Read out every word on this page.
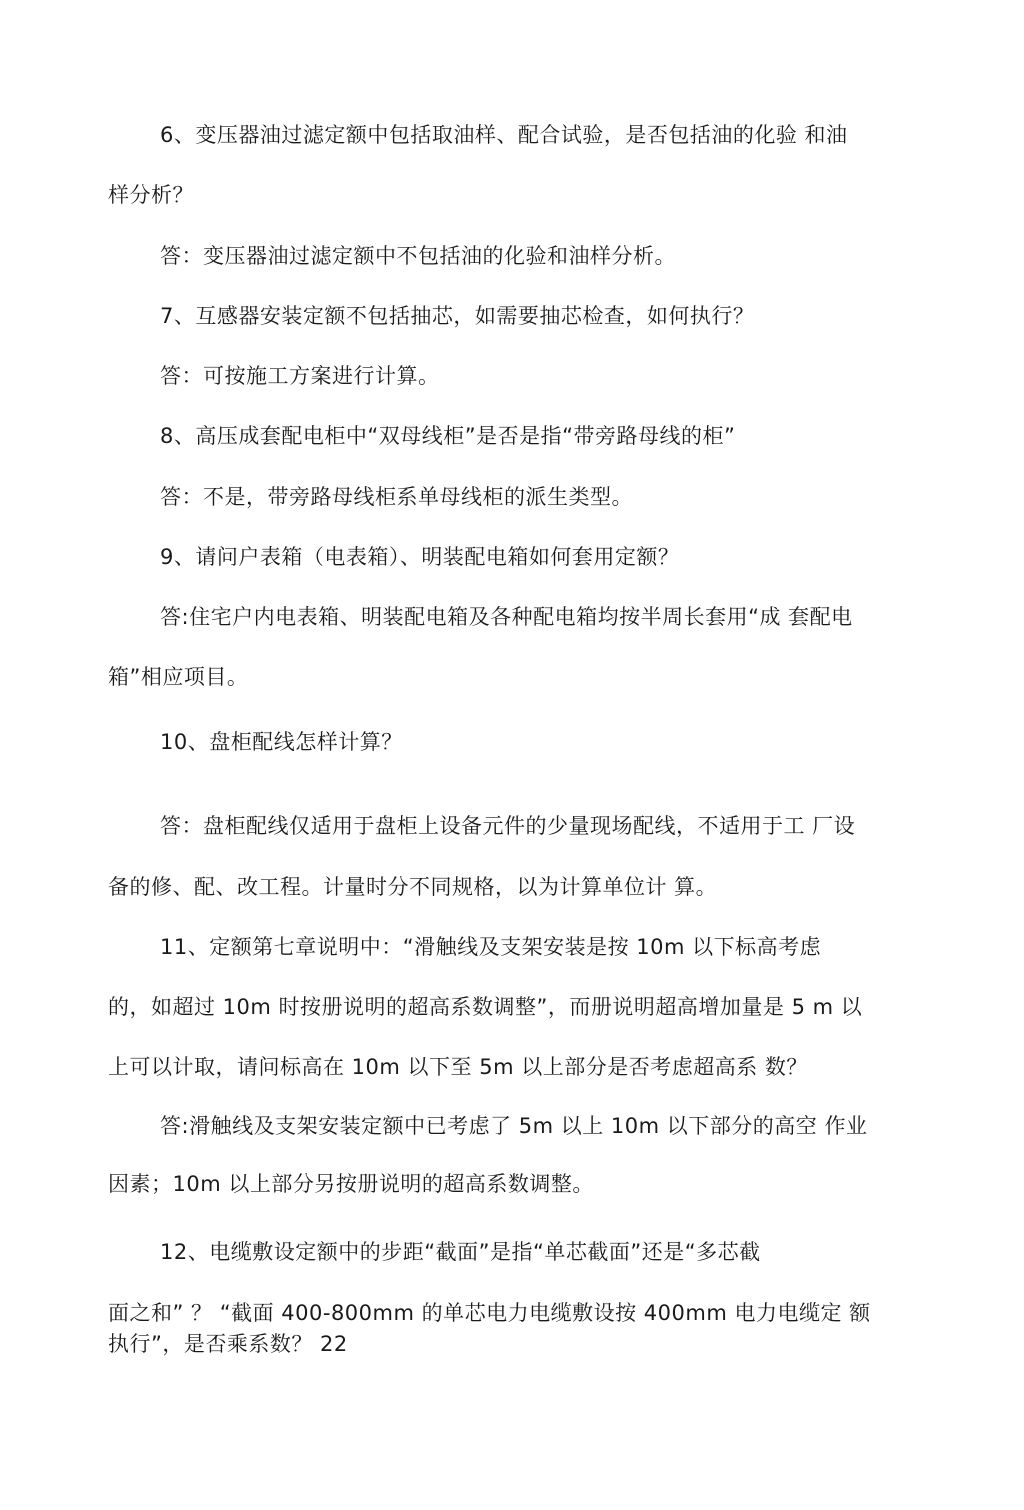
6、变压器油过滤定额中包括取油样、配合试验，是否包括油的化验 和油
样分析？
答：变压器油过滤定额中不包括油的化验和油样分析。
7、互感器安装定额不包括抽芯，如需要抽芯检查，如何执行？
答：可按施工方案进行计算。
8、高压成套配电柜中“双母线柜”是否是指“带旁路母线的柜”
答：不是，带旁路母线柜系单母线柜的派生类型。
9、请问户表箱（电表箱）、明装配电箱如何套用定额？
答:住宅户内电表箱、明装配电箱及各种配电箱均按半周长套用“成 套配电
箱”相应项目。
10、盘柜配线怎样计算？
答：盘柜配线仅适用于盘柜上设备元件的少量现场配线，不适用于工 厂设
备的修、配、改工程。计量时分不同规格，以为计算单位计 算。
11、定额第七章说明中：“滑触线及支架安装是按 10m 以下标高考虑
的，如超过 10m 时按册说明的超高系数调整”，而册说明超高增加量是 5 m 以
上可以计取，请问标高在 10m 以下至 5m 以上部分是否考虑超高系 数？
答:滑触线及支架安装定额中已考虑了 5m 以上 10m 以下部分的高空 作业
因素；10m 以上部分另按册说明的超高系数调整。
12、电缆敷设定额中的步距“截面”是指“单芯截面”还是“多芯截
面之和” ？ “截面 400-800mm 的单芯电力电缆敷设按 400mm 电力电缆定 额
执行”，是否乘系数？ 22
